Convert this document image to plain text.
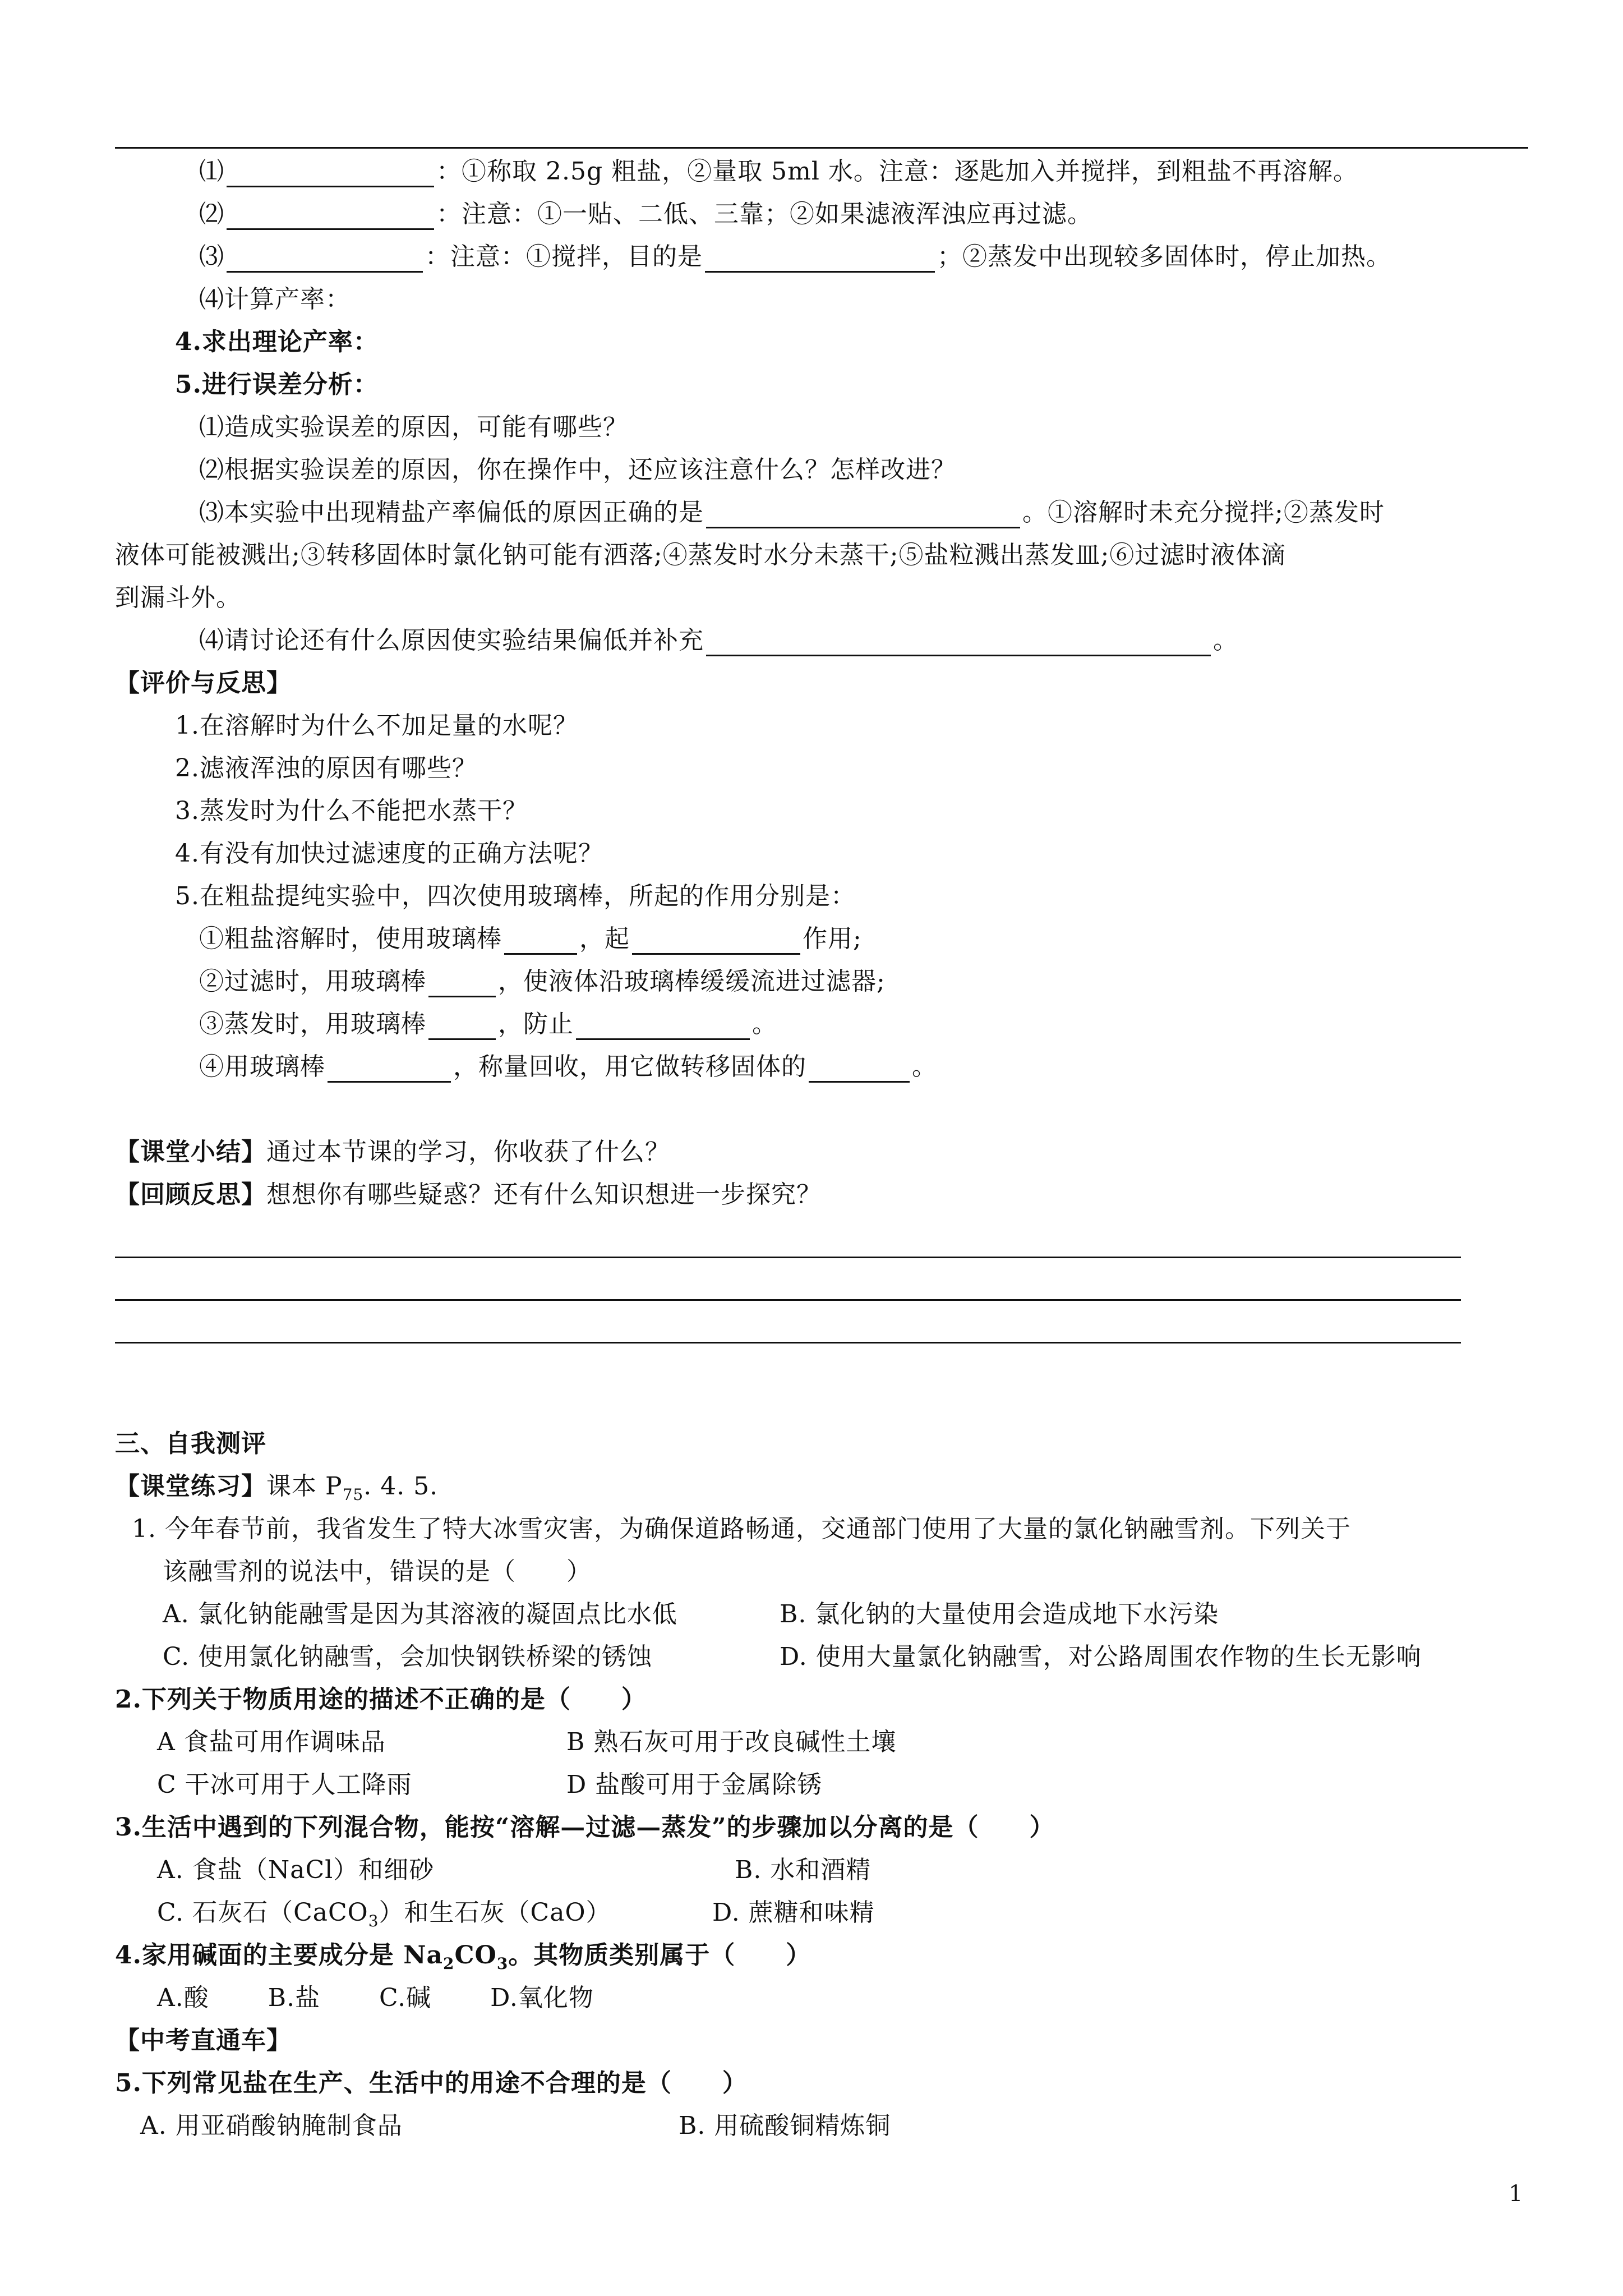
⑴	：①称取 2.5g 粗盐，②量取 5ml 水。注意：逐匙加入并搅拌，到粗盐不再溶解。
⑵	：注意：①一贴、二低、三靠；②如果滤液浑浊应再过滤。
⑶	：注意：①搅拌，目的是	；②蒸发中出现较多固体时，停止加热。
⑷计算产率：
4.求出理论产率：
5.进行误差分析：
⑴造成实验误差的原因，可能有哪些？
⑵根据实验误差的原因，你在操作中，还应该注意什么？怎样改进？
⑶本实验中出现精盐产率偏低的原因正确的是	。①溶解时未充分搅拌;②蒸发时
液体可能被溅出;③转移固体时氯化钠可能有洒落;④蒸发时水分未蒸干;⑤盐粒溅出蒸发皿;⑥过滤时液体滴
到漏斗外。
⑷请讨论还有什么原因使实验结果偏低并补充	。
【评价与反思】
1.在溶解时为什么不加足量的水呢？
2.滤液浑浊的原因有哪些？
3.蒸发时为什么不能把水蒸干？
4.有没有加快过滤速度的正确方法呢？
5.在粗盐提纯实验中，四次使用玻璃棒，所起的作用分别是：
①粗盐溶解时，使用玻璃棒	，起	作用;
②过滤时，用玻璃棒	，使液体沿玻璃棒缓缓流进过滤器;
③蒸发时，用玻璃棒	，防止	。
④用玻璃棒	，称量回收，用它做转移固体的	。
【课堂小结】通过本节课的学习，你收获了什么？
【回顾反思】想想你有哪些疑惑？还有什么知识想进一步探究？
三、自我测评
【课堂练习】课本 $P_{75}$. 4. 5.
1. 今年春节前，我省发生了特大冰雪灾害，为确保道路畅通，交通部门使用了大量的氯化钠融雪剂。下列关于
该融雪剂的说法中，错误的是（　　）
A. 氯化钠能融雪是因为其溶液的凝固点比水低	B. 氯化钠的大量使用会造成地下水污染
C. 使用氯化钠融雪，会加快钢铁桥梁的锈蚀	D. 使用大量氯化钠融雪，对公路周围农作物的生长无影响
2.下列关于物质用途的描述不正确的是（　　）
A 食盐可用作调味品	B 熟石灰可用于改良碱性土壤
C 干冰可用于人工降雨	D 盐酸可用于金属除锈
3.生活中遇到的下列混合物，能按“溶解—过滤—蒸发”的步骤加以分离的是（　　）
A. 食盐（NaCl）和细砂	B. 水和酒精
C. 石灰石（CaCO$_3$）和生石灰（CaO）	D. 蔗糖和味精
4.家用碱面的主要成分是 $Na_2CO_3$。其物质类别属于（　　）
A.酸　　 B.盐　　 C.碱　　 D.氧化物
【中考直通车】
5.下列常见盐在生产、生活中的用途不合理的是（　　）
A. 用亚硝酸钠腌制食品	B. 用硫酸铜精炼铜
1
